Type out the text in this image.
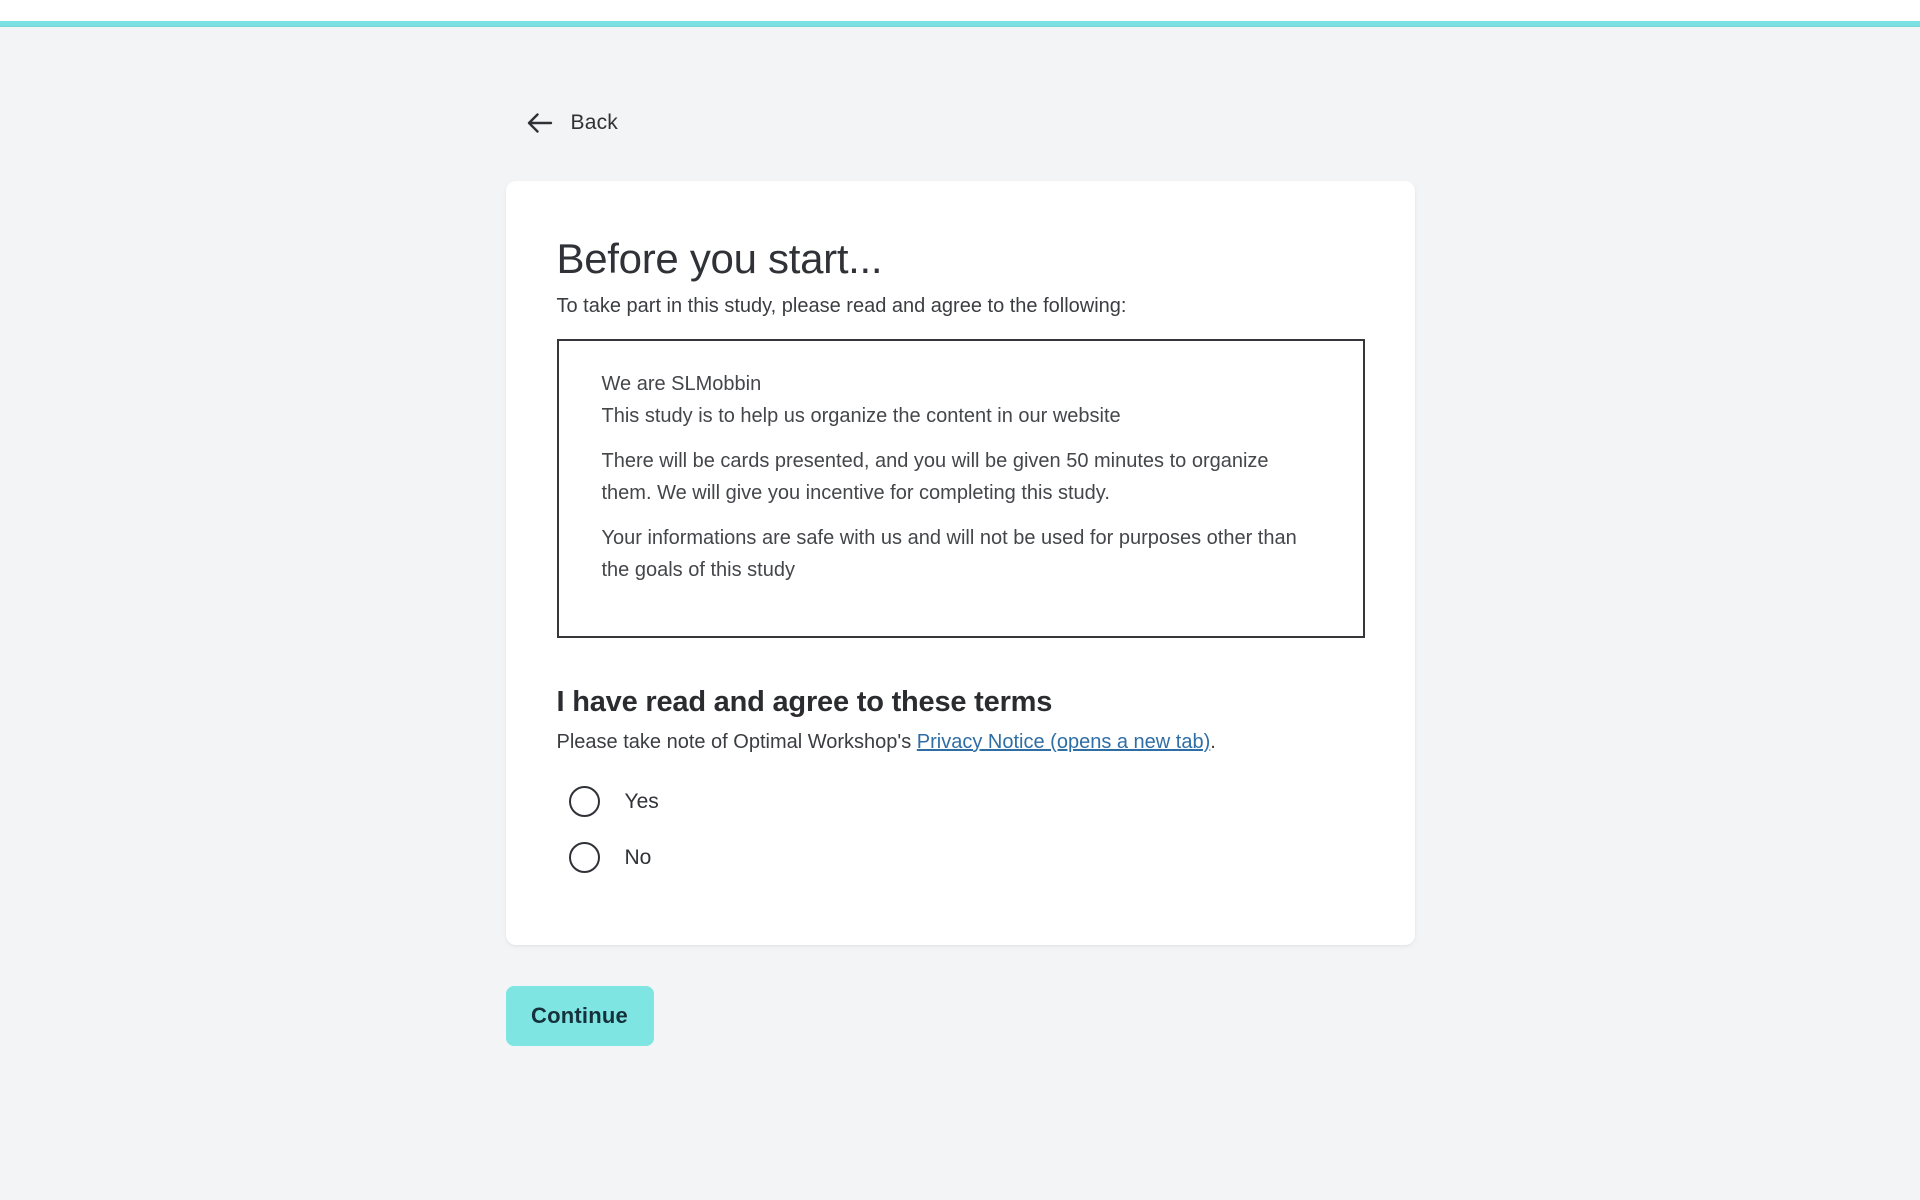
Back
Before you start...

To take part in this study, please read and agree to the following:

We are SLMobbin
This study is to help us organize the content in our website

There will be cards presented, and you will be given 50 minutes to organize them. We will give you incentive for completing this study.

Your informations are safe with us and will not be used for purposes other than the goals of this study

I have read and agree to these terms

Please take note of Optimal Workshop's Privacy Notice (opens a new tab).

Yes
No
Continue
